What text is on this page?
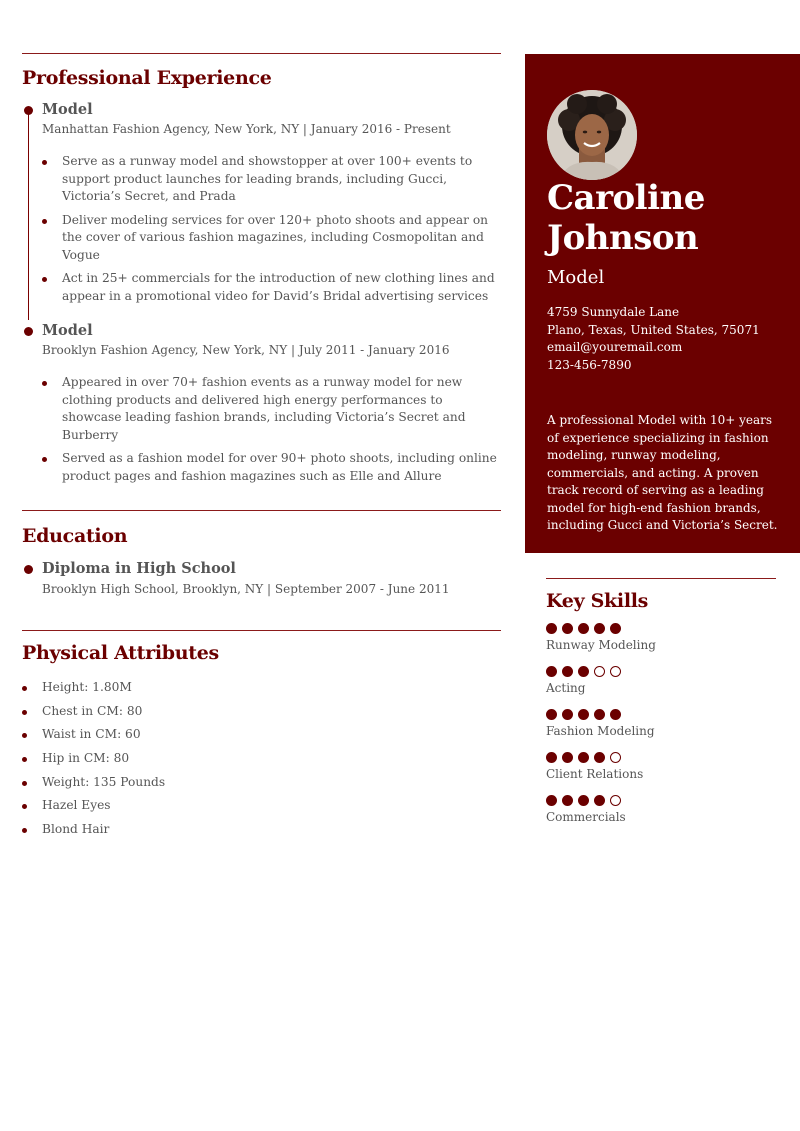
Professional Experience
Model
Manhattan Fashion Agency, New York, NY | January 2016 - Present
Serve as a runway model and showstopper at over 100+ events to support product launches for leading brands, including Gucci, Victoria’s Secret, and Prada
Deliver modeling services for over 120+ photo shoots and appear on the cover of various fashion magazines, including Cosmopolitan and Vogue
Act in 25+ commercials for the introduction of new clothing lines and appear in a promotional video for David’s Bridal advertising services
Model
Brooklyn Fashion Agency, New York, NY | July 2011 - January 2016
Appeared in over 70+ fashion events as a runway model for new clothing products and delivered high energy performances to showcase leading fashion brands, including Victoria’s Secret and Burberry
Served as a fashion model for over 90+ photo shoots, including online product pages and fashion magazines such as Elle and Allure
Education
Diploma in High School
Brooklyn High School, Brooklyn, NY | September 2007 - June 2011
Physical Attributes
Height: 1.80M
Chest in CM: 80
Waist in CM: 60
Hip in CM: 80
Weight: 135 Pounds
Hazel Eyes
Blond Hair
Caroline
Johnson
Model
4759 Sunnydale Lane
Plano, Texas, United States, 75071
email@youremail.com
123-456-7890
A professional Model with 10+ years of experience specializing in fashion modeling, runway modeling, commercials, and acting. A proven track record of serving as a leading model for high-end fashion brands, including Gucci and Victoria’s Secret.
Key Skills
Runway Modeling
Acting
Fashion Modeling
Client Relations
Commercials
